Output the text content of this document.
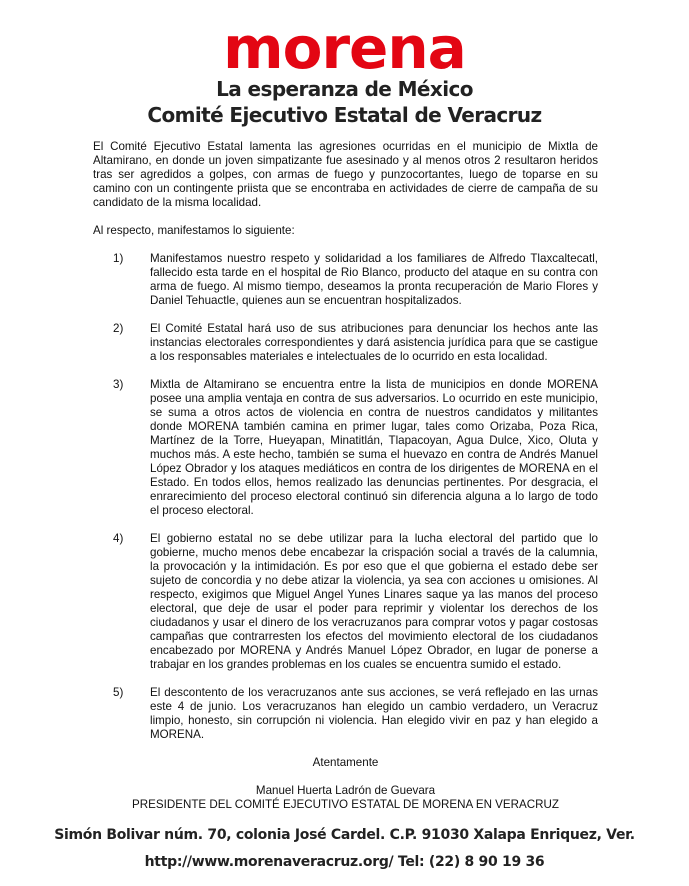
morena
La esperanza de México
Comité Ejecutivo Estatal de Veracruz

El Comité Ejecutivo Estatal lamenta las agresiones ocurridas en el municipio de Mixtla de Altamirano, en donde un joven simpatizante fue asesinado y al menos otros 2 resultaron heridos tras ser agredidos a golpes, con armas de fuego y punzocortantes, luego de toparse en su camino con un contingente priista que se encontraba en actividades de cierre de campaña de su candidato de la misma localidad.

Al respecto, manifestamos lo siguiente:

1) Manifestamos nuestro respeto y solidaridad a los familiares de Alfredo Tlaxcaltecatl, fallecido esta tarde en el hospital de Rio Blanco, producto del ataque en su contra con arma de fuego. Al mismo tiempo, deseamos la pronta recuperación de Mario Flores y Daniel Tehuactle, quienes aun se encuentran hospitalizados.
2) El Comité Estatal hará uso de sus atribuciones para denunciar los hechos ante las instancias electorales correspondientes y dará asistencia jurídica para que se castigue a los responsables materiales e intelectuales de lo ocurrido en esta localidad.
3) Mixtla de Altamirano se encuentra entre la lista de municipios en donde MORENA posee una amplia ventaja en contra de sus adversarios. Lo ocurrido en este municipio, se suma a otros actos de violencia en contra de nuestros candidatos y militantes donde MORENA también camina en primer lugar, tales como Orizaba, Poza Rica, Martínez de la Torre, Hueyapan, Minatitlán, Tlapacoyan, Agua Dulce, Xico, Oluta y muchos más. A este hecho, también se suma el huevazo en contra de Andrés Manuel López Obrador y los ataques mediáticos en contra de los dirigentes de MORENA en el Estado. En todos ellos, hemos realizado las denuncias pertinentes. Por desgracia, el enrarecimiento del proceso electoral continuó sin diferencia alguna a lo largo de todo el proceso electoral.
4) El gobierno estatal no se debe utilizar para la lucha electoral del partido que lo gobierne, mucho menos debe encabezar la crispación social a través de la calumnia, la provocación y la intimidación. Es por eso que el que gobierna el estado debe ser sujeto de concordia y no debe atizar la violencia, ya sea con acciones u omisiones. Al respecto, exigimos que Miguel Angel Yunes Linares saque ya las manos del proceso electoral, que deje de usar el poder para reprimir y violentar los derechos de los ciudadanos y usar el dinero de los veracruzanos para comprar votos y pagar costosas campañas que contrarresten los efectos del movimiento electoral de los ciudadanos encabezado por MORENA y Andrés Manuel López Obrador, en lugar de ponerse a trabajar en los grandes problemas en los cuales se encuentra sumido el estado.
5) El descontento de los veracruzanos ante sus acciones, se verá reflejado en las urnas este 4 de junio. Los veracruzanos han elegido un cambio verdadero, un Veracruz limpio, honesto, sin corrupción ni violencia. Han elegido vivir en paz y han elegido a MORENA.
Atentamente
Manuel Huerta Ladrón de Guevara
PRESIDENTE DEL COMITÉ EJECUTIVO ESTATAL DE MORENA EN VERACRUZ
Simón Bolivar núm. 70, colonia José Cardel. C.P. 91030 Xalapa Enriquez, Ver.
http://www.morenaveracruz.org/ Tel: (22) 8 90 19 36
